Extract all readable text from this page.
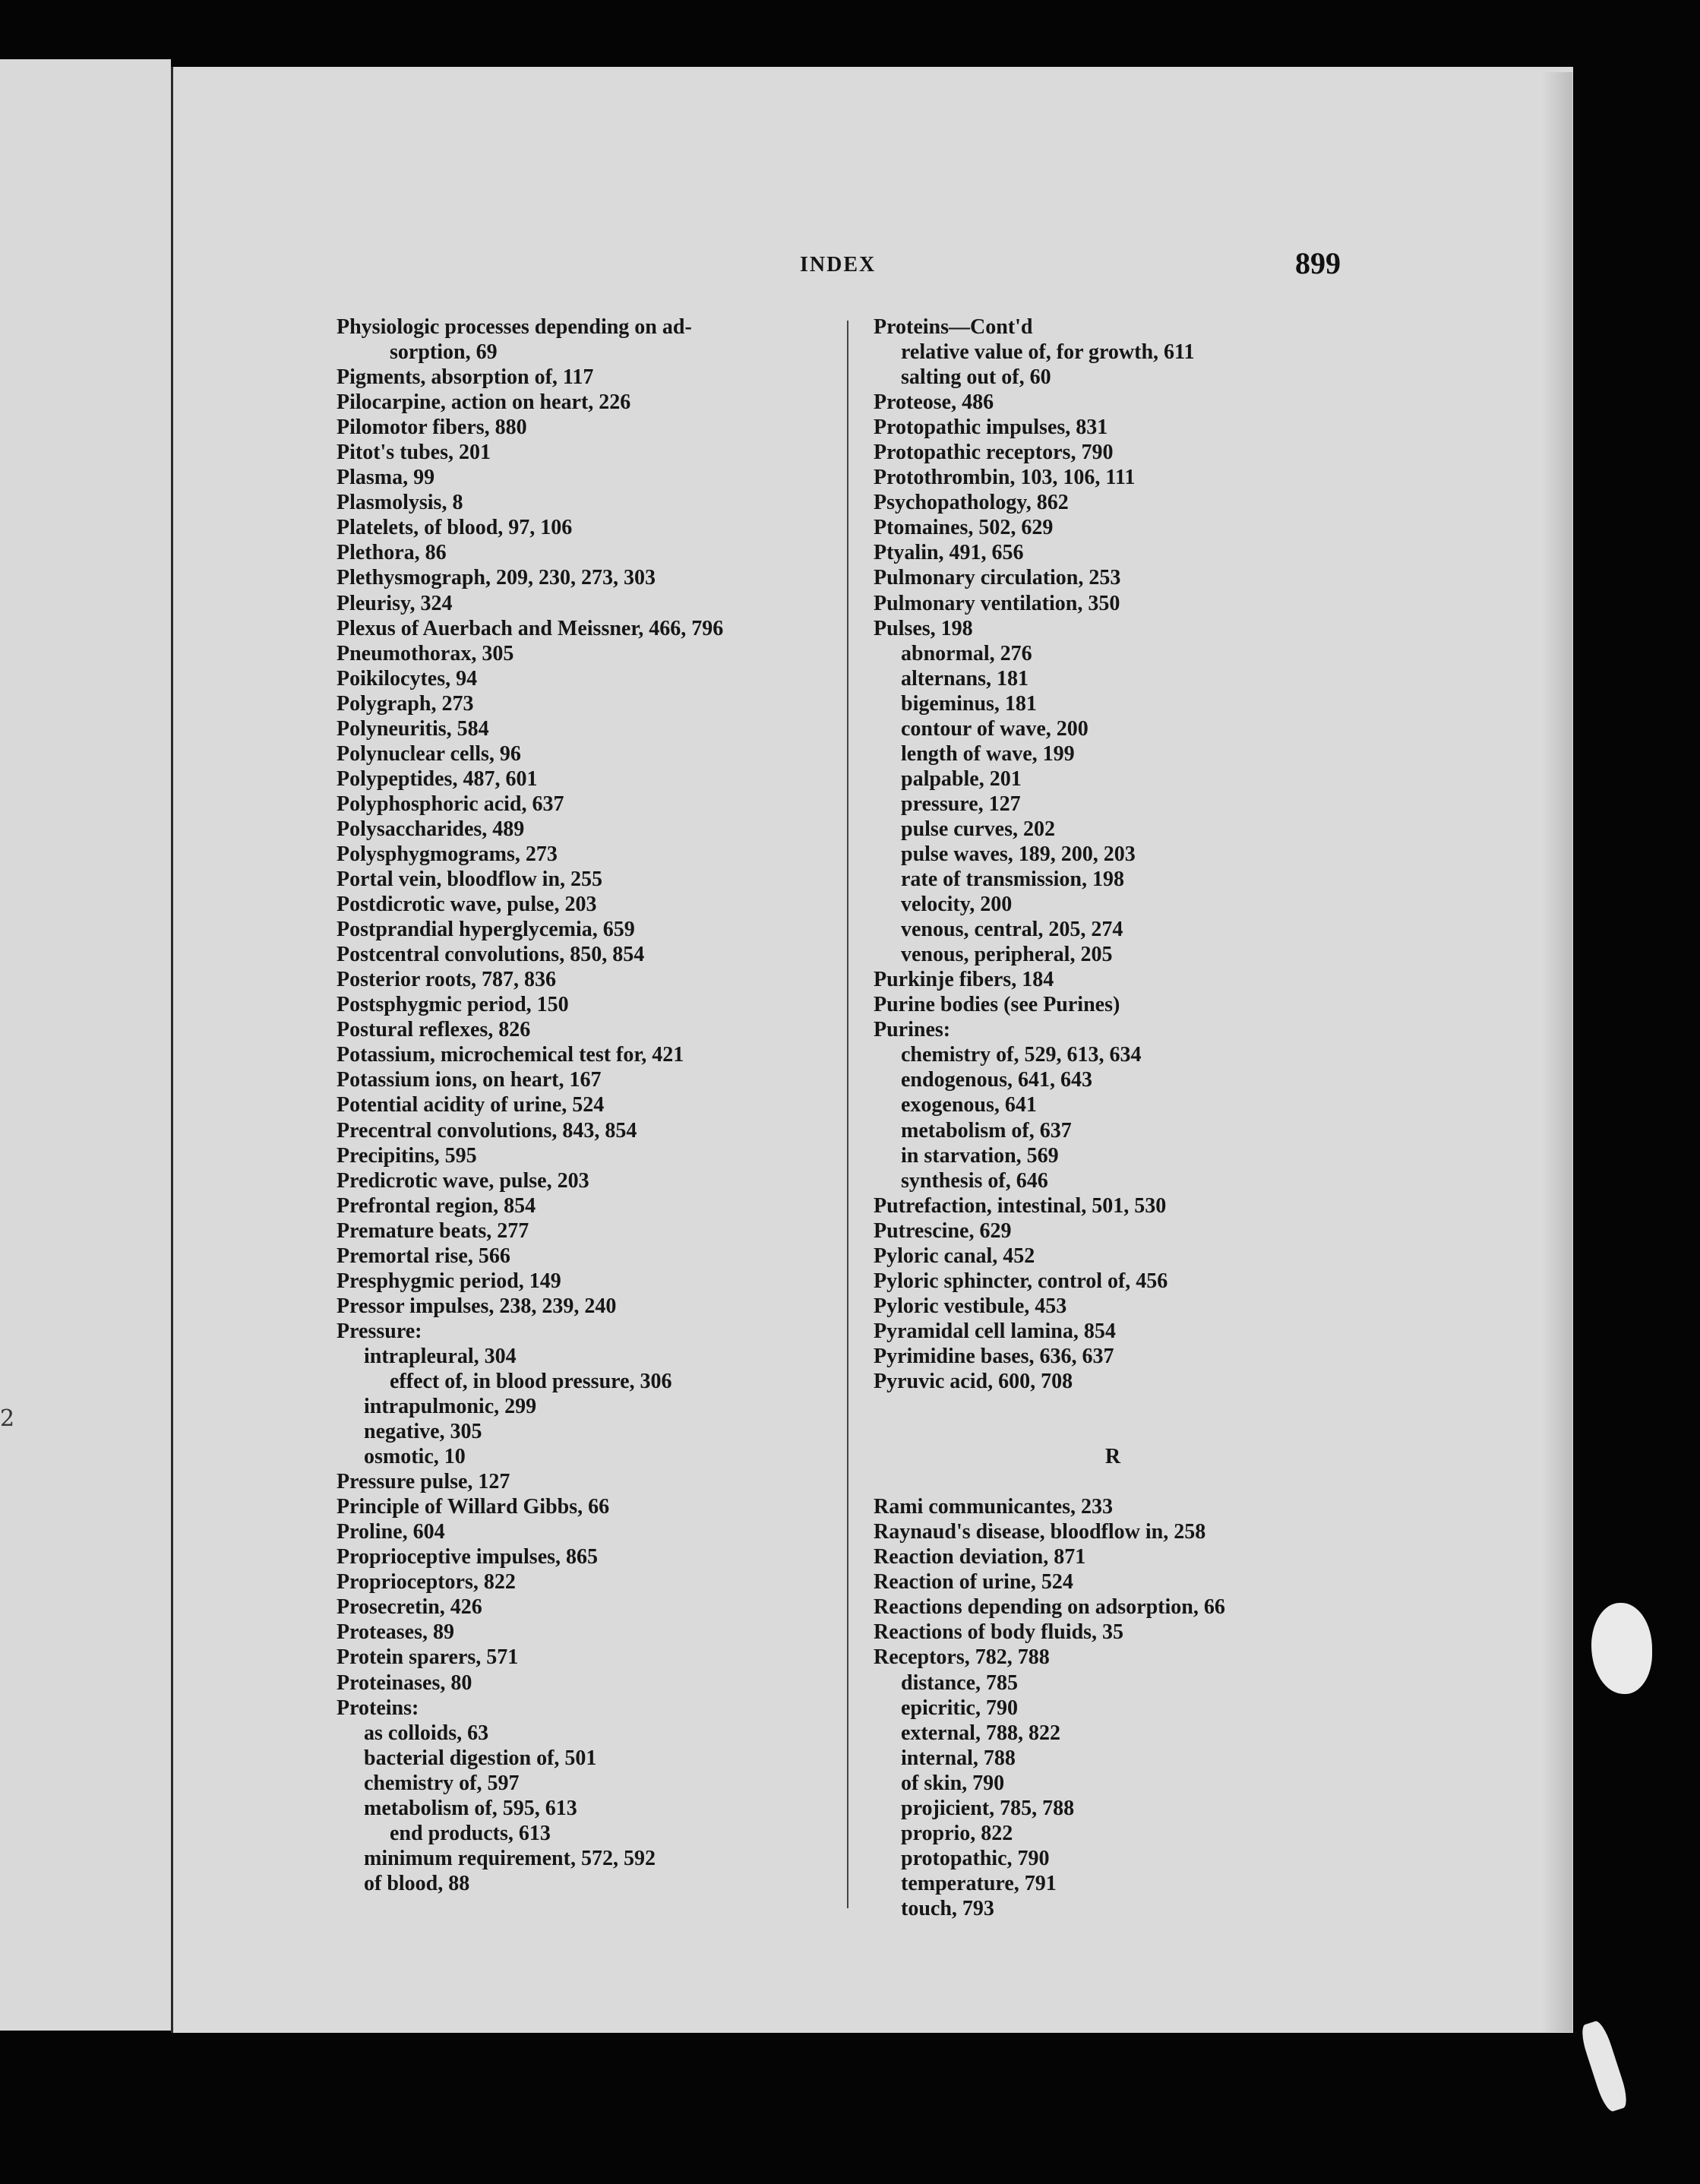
2
INDEX	899
Physiologic processes depending on ad-
sorption, 69
Pigments, absorption of, 117
Pilocarpine, action on heart, 226
Pilomotor fibers, 880
Pitot's tubes, 201
Plasma, 99
Plasmolysis, 8
Platelets, of blood, 97, 106
Plethora, 86
Plethysmograph, 209, 230, 273, 303
Pleurisy, 324
Plexus of Auerbach and Meissner, 466, 796
Pneumothorax, 305
Poikilocytes, 94
Polygraph, 273
Polyneuritis, 584
Polynuclear cells, 96
Polypeptides, 487, 601
Polyphosphoric acid, 637
Polysaccharides, 489
Polysphygmograms, 273
Portal vein, bloodflow in, 255
Postdicrotic wave, pulse, 203
Postprandial hyperglycemia, 659
Postcentral convolutions, 850, 854
Posterior roots, 787, 836
Postsphygmic period, 150
Postural reflexes, 826
Potassium, microchemical test for, 421
Potassium ions, on heart, 167
Potential acidity of urine, 524
Precentral convolutions, 843, 854
Precipitins, 595
Predicrotic wave, pulse, 203
Prefrontal region, 854
Premature beats, 277
Premortal rise, 566
Presphygmic period, 149
Pressor impulses, 238, 239, 240
Pressure:
intrapleural, 304
effect of, in blood pressure, 306
intrapulmonic, 299
negative, 305
osmotic, 10
Pressure pulse, 127
Principle of Willard Gibbs, 66
Proline, 604
Proprioceptive impulses, 865
Proprioceptors, 822
Prosecretin, 426
Proteases, 89
Protein sparers, 571
Proteinases, 80
Proteins:
as colloids, 63
bacterial digestion of, 501
chemistry of, 597
metabolism of, 595, 613
end products, 613
minimum requirement, 572, 592
of blood, 88
Proteins—Cont'd
relative value of, for growth, 611
salting out of, 60
Proteose, 486
Protopathic impulses, 831
Protopathic receptors, 790
Protothrombin, 103, 106, 111
Psychopathology, 862
Ptomaines, 502, 629
Ptyalin, 491, 656
Pulmonary circulation, 253
Pulmonary ventilation, 350
Pulses, 198
abnormal, 276
alternans, 181
bigeminus, 181
contour of wave, 200
length of wave, 199
palpable, 201
pressure, 127
pulse curves, 202
pulse waves, 189, 200, 203
rate of transmission, 198
velocity, 200
venous, central, 205, 274
venous, peripheral, 205
Purkinje fibers, 184
Purine bodies (see Purines)
Purines:
chemistry of, 529, 613, 634
endogenous, 641, 643
exogenous, 641
metabolism of, 637
in starvation, 569
synthesis of, 646
Putrefaction, intestinal, 501, 530
Putrescine, 629
Pyloric canal, 452
Pyloric sphincter, control of, 456
Pyloric vestibule, 453
Pyramidal cell lamina, 854
Pyrimidine bases, 636, 637
Pyruvic acid, 600, 708
R
Rami communicantes, 233
Raynaud's disease, bloodflow in, 258
Reaction deviation, 871
Reaction of urine, 524
Reactions depending on adsorption, 66
Reactions of body fluids, 35
Receptors, 782, 788
distance, 785
epicritic, 790
external, 788, 822
internal, 788
of skin, 790
projicient, 785, 788
proprio, 822
protopathic, 790
temperature, 791
touch, 793
